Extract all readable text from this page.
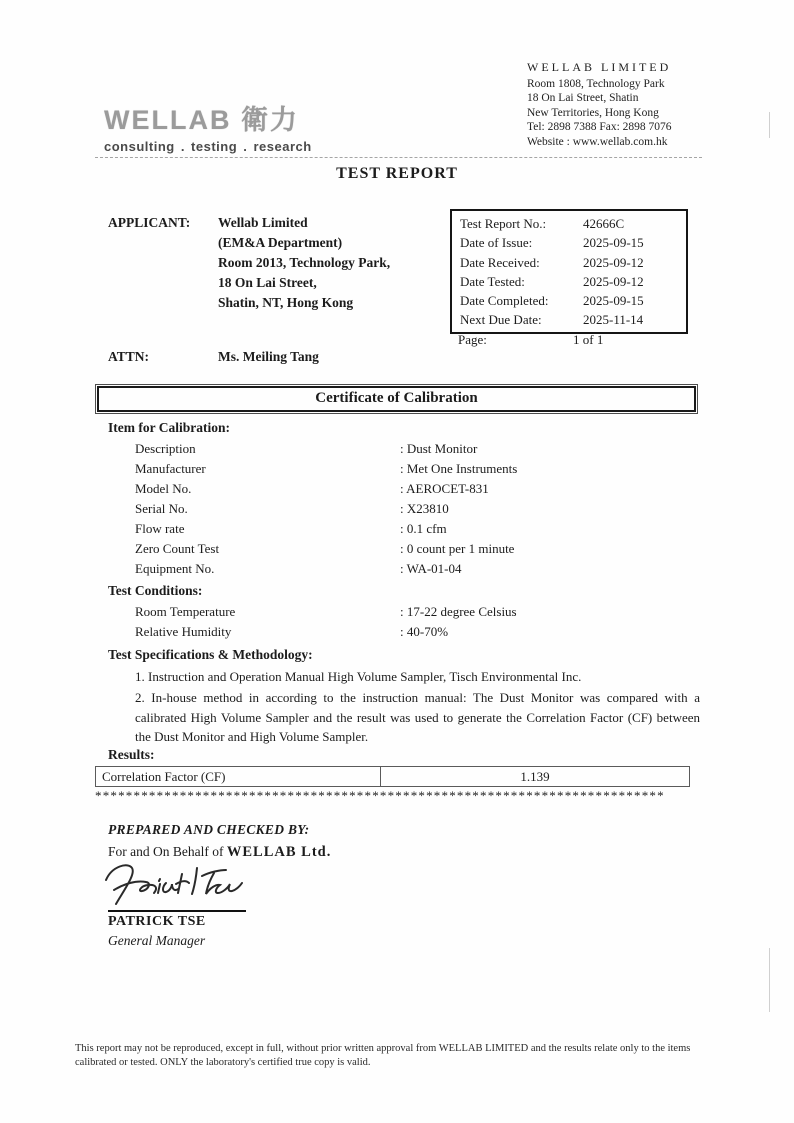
WELLAB 衛力
consulting . testing . research
WELLAB LIMITED
Room 1808, Technology Park
18 On Lai Street, Shatin
New Territories, Hong Kong
Tel: 2898 7388 Fax: 2898 7076
Website : www.wellab.com.hk
TEST REPORT
APPLICANT:	Wellab Limited
(EM&A Department)
Room 2013, Technology Park,
18 On Lai Street,
Shatin, NT, Hong Kong
Test Report No.:	42666C
Date of Issue:	2025-09-15
Date Received:	2025-09-12
Date Tested:	2025-09-12
Date Completed:	2025-09-15
Next Due Date:	2025-11-14
Page:	1 of 1
ATTN:	Ms. Meiling Tang
Certificate of Calibration
Item for Calibration:
Description	: Dust Monitor
Manufacturer	: Met One Instruments
Model No.	: AEROCET-831
Serial No.	: X23810
Flow rate	: 0.1 cfm
Zero Count Test	: 0 count per 1 minute
Equipment No.	: WA-01-04
Test Conditions:
Room Temperature	: 17-22 degree Celsius
Relative Humidity	: 40-70%
Test Specifications & Methodology:
1. Instruction and Operation Manual High Volume Sampler, Tisch Environmental Inc.
2. In-house method in according to the instruction manual: The Dust Monitor was compared with a calibrated High Volume Sampler and the result was used to generate the Correlation Factor (CF) between the Dust Monitor and High Volume Sampler.
Results:
Correlation Factor (CF)	1.139
**************************************************************************
PREPARED AND CHECKED BY:
For and On Behalf of WELLAB Ltd.
PATRICK TSE
General Manager
This report may not be reproduced, except in full, without prior written approval from WELLAB LIMITED and the results relate only to the items calibrated or tested. ONLY the laboratory's certified true copy is valid.
